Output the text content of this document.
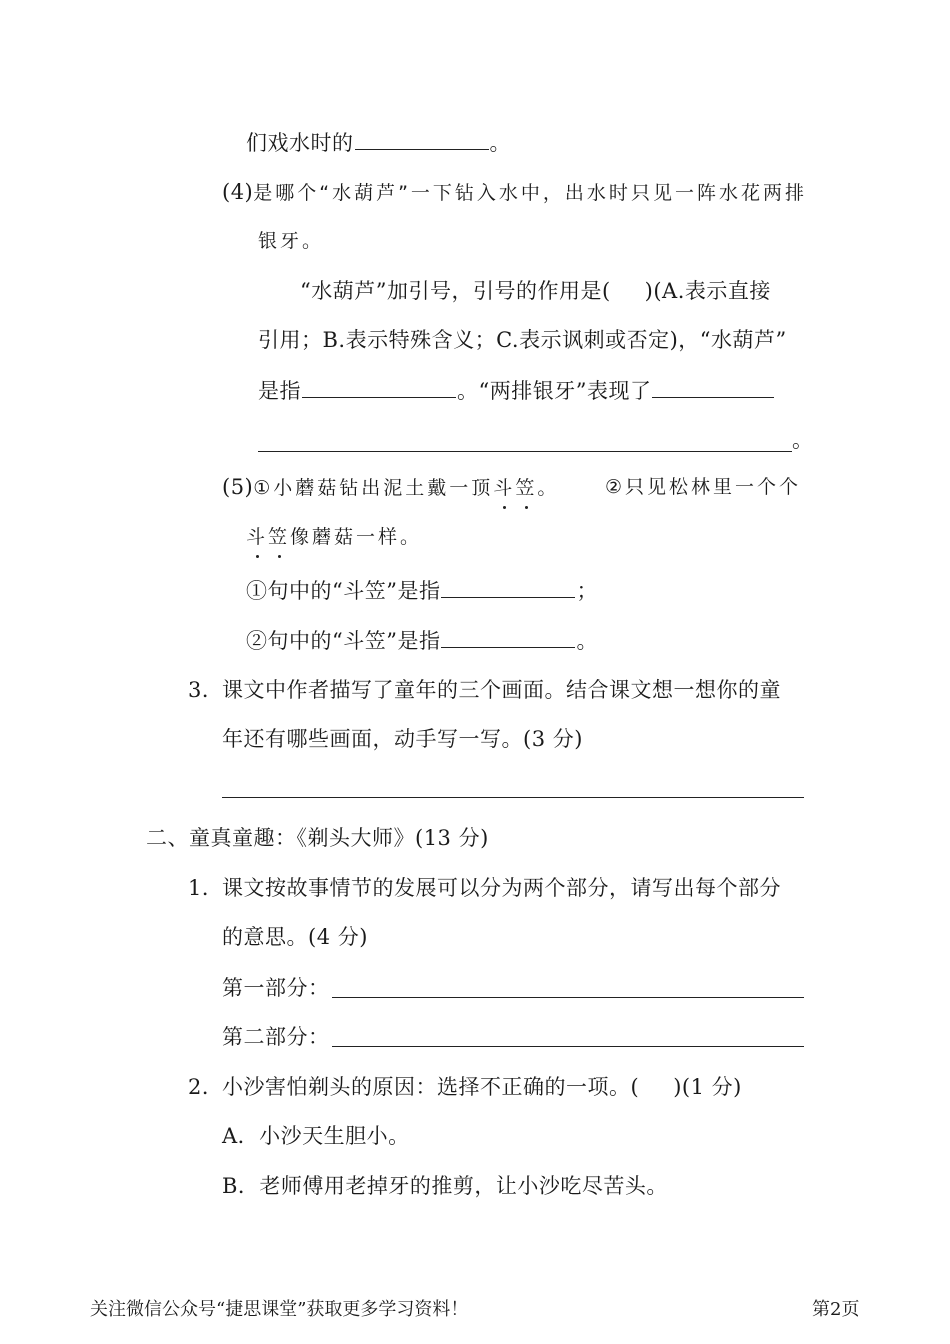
们戏水时的	。
(4)是哪个“水葫芦”一下钻入水中，出水时只见一阵水花两排
银牙。
“水葫芦”加引号，引号的作用是( )(A.表示直接
引用；B.表示特殊含义；C.表示讽刺或否定)，“水葫芦”
是指	。“两排银牙”表现了
。
(5)①小蘑菇钻出泥土戴一顶斗笠。 ②只见松林里一个个
斗笠像蘑菇一样。
①句中的“斗笠”是指	；
②句中的“斗笠”是指	。
3．
课文中作者描写了童年的三个画面。结合课文想一想你的童
年还有哪些画面，动手写一写。(3 分)
二、童真童趣：《剃头大师》(13 分)
1．
课文按故事情节的发展可以分为两个部分，请写出每个部分
的意思。(4 分)
第一部分：
第二部分：
2．
小沙害怕剃头的原因：选择不正确的一项。( )(1 分)
A．小沙天生胆小。
B．老师傅用老掉牙的推剪，让小沙吃尽苦头。
关注微信公众号“捷思课堂”获取更多学习资料！	第2页
